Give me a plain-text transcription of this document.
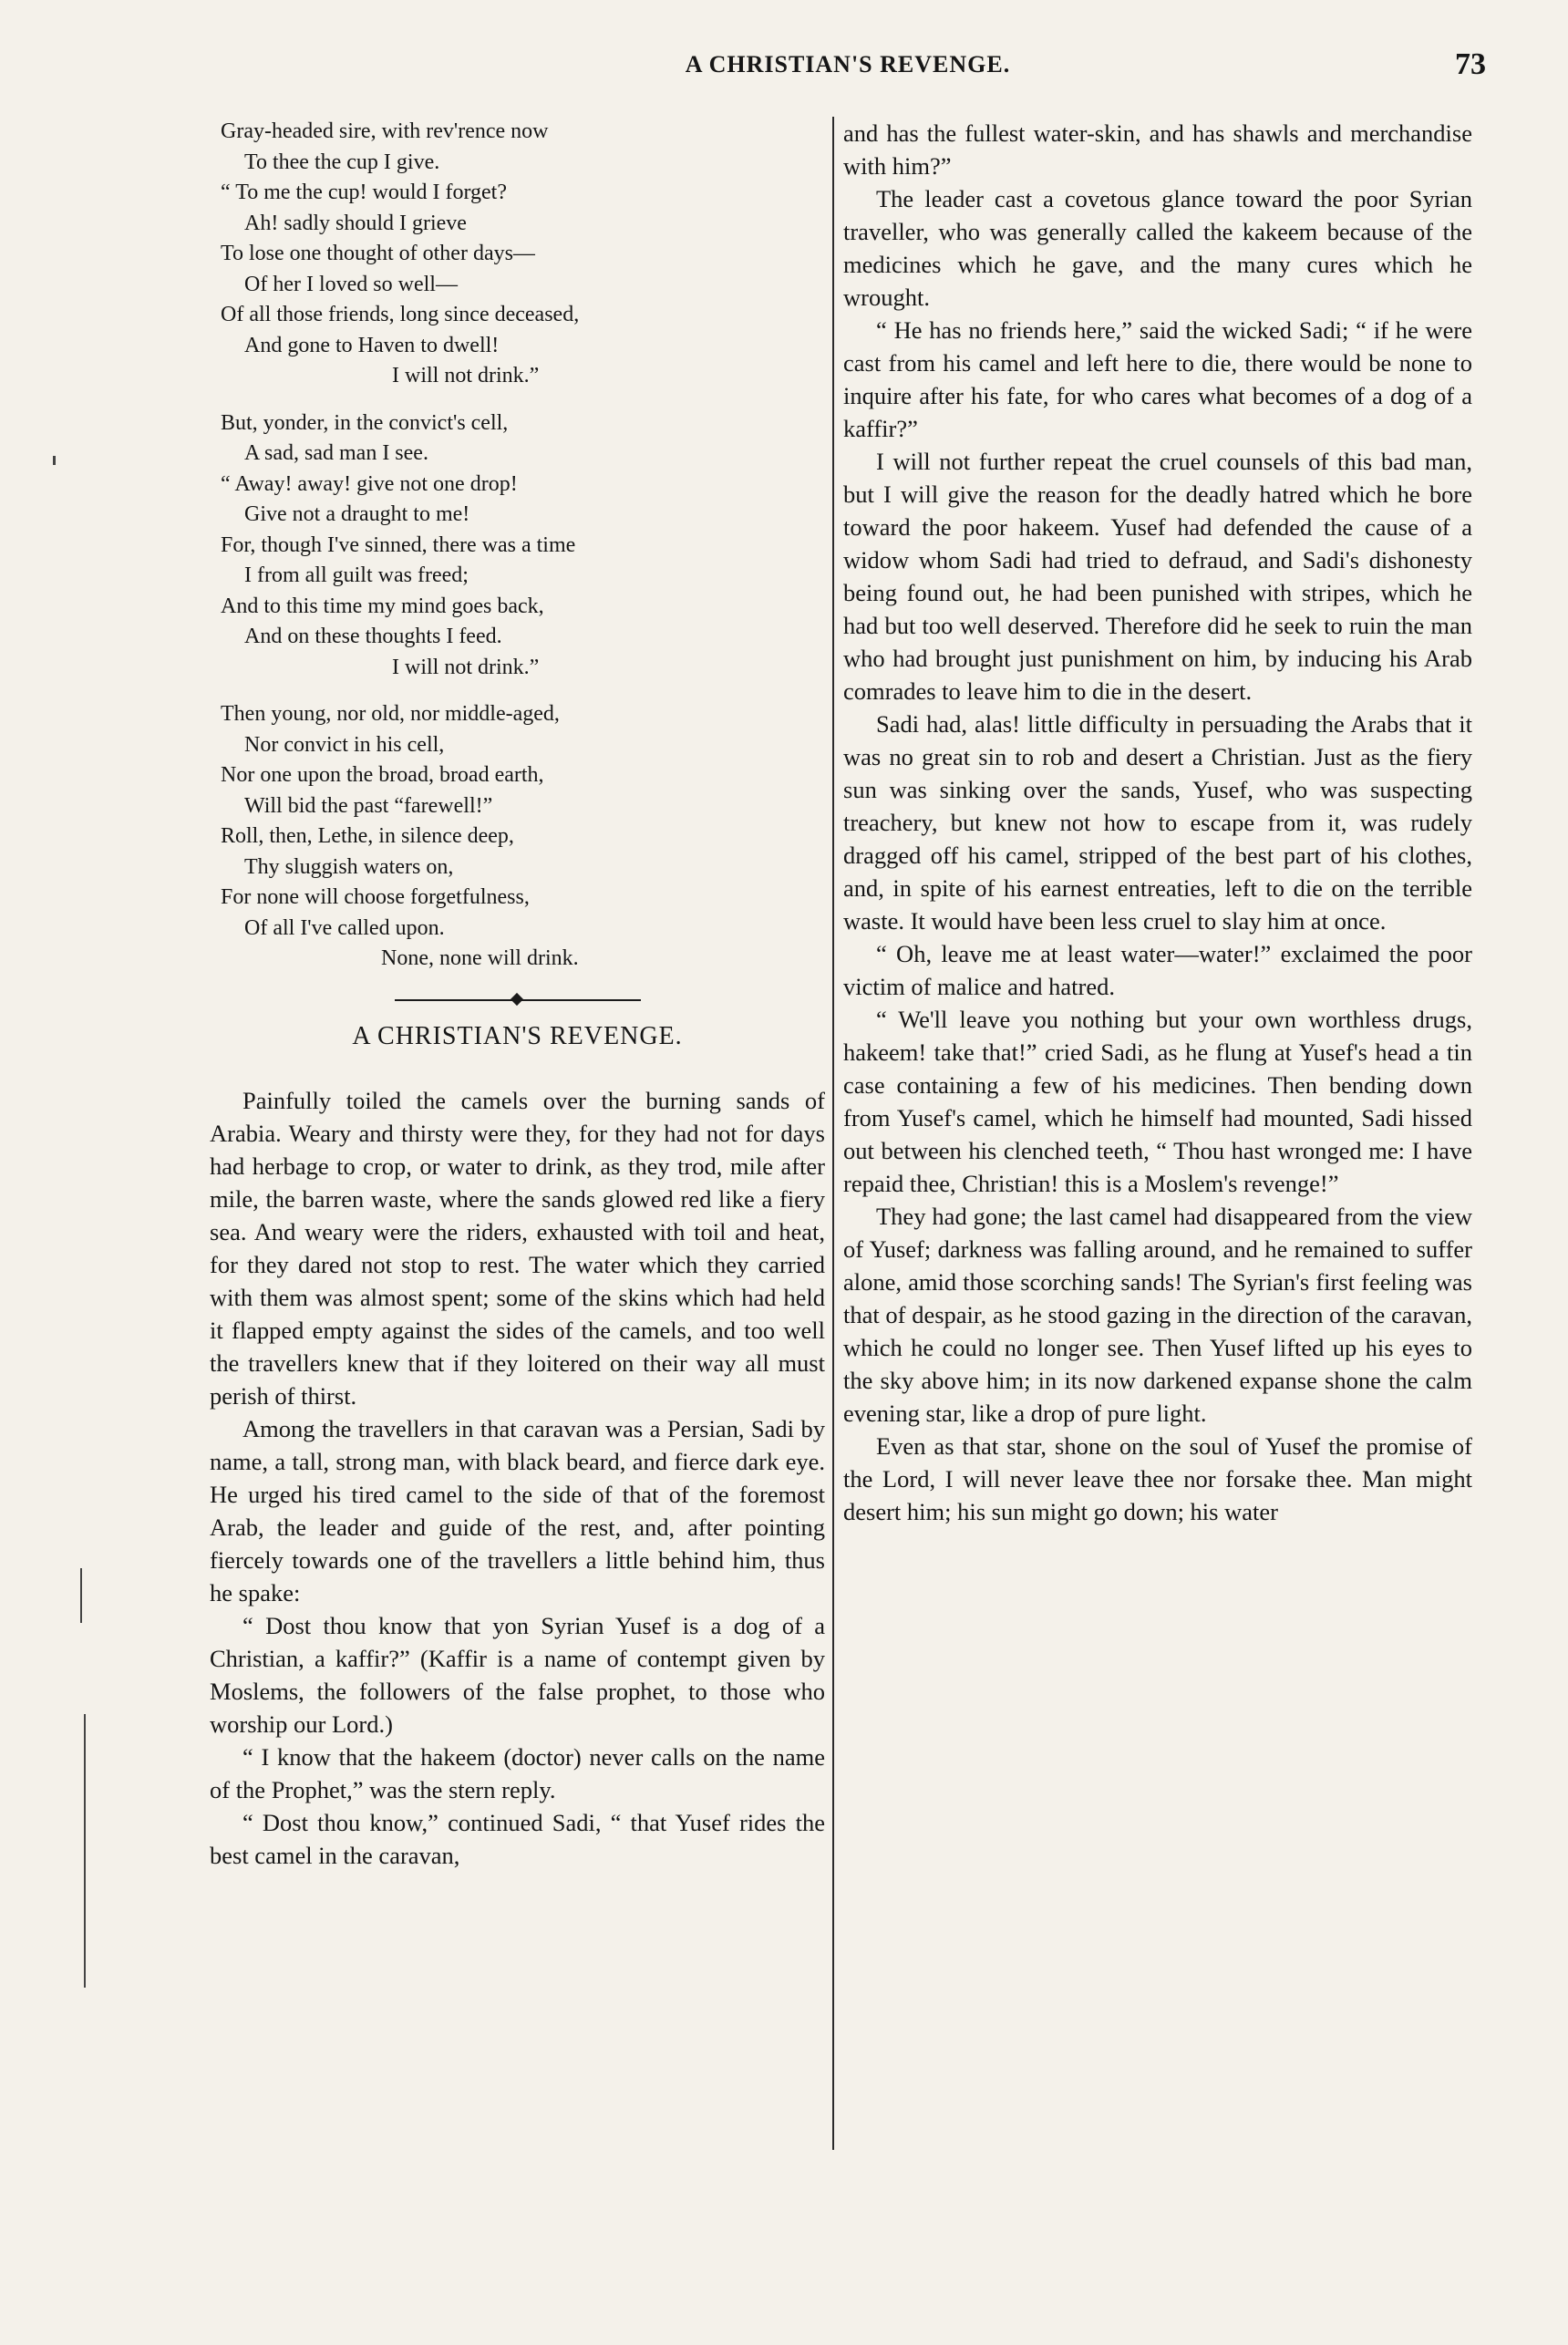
A CHRISTIAN'S REVENGE.	73
Gray-headed sire, with rev'rence now
To thee the cup I give.
“ To me the cup! would I forget?
Ah! sadly should I grieve
To lose one thought of other days—
Of her I loved so well—
Of all those friends, long since deceased,
And gone to Haven to dwell!
I will not drink.”
But, yonder, in the convict's cell,
A sad, sad man I see.
“ Away! away! give not one drop!
Give not a draught to me!
For, though I've sinned, there was a time
I from all guilt was freed;
And to this time my mind goes back,
And on these thoughts I feed.
I will not drink.”
Then young, nor old, nor middle-aged,
Nor convict in his cell,
Nor one upon the broad, broad earth,
Will bid the past “farewell!”
Roll, then, Lethe, in silence deep,
Thy sluggish waters on,
For none will choose forgetfulness,
Of all I've called upon.
None, none will drink.
A CHRISTIAN'S REVENGE.

Painfully toiled the camels over the burning sands of Arabia. Weary and thirsty were they, for they had not for days had herbage to crop, or water to drink, as they trod, mile after mile, the barren waste, where the sands glowed red like a fiery sea. And weary were the riders, exhausted with toil and heat, for they dared not stop to rest. The water which they carried with them was almost spent; some of the skins which had held it flapped empty against the sides of the camels, and too well the travellers knew that if they loitered on their way all must perish of thirst.

Among the travellers in that caravan was a Persian, Sadi by name, a tall, strong man, with black beard, and fierce dark eye. He urged his tired camel to the side of that of the foremost Arab, the leader and guide of the rest, and, after pointing fiercely towards one of the travellers a little behind him, thus he spake:

“ Dost thou know that yon Syrian Yusef is a dog of a Christian, a kaffir?” (Kaffir is a name of contempt given by Moslems, the followers of the false prophet, to those who worship our Lord.)

“ I know that the hakeem (doctor) never calls on the name of the Prophet,” was the stern reply.

“ Dost thou know,” continued Sadi, “ that Yusef rides the best camel in the caravan,

and has the fullest water-skin, and has shawls and merchandise with him?”

The leader cast a covetous glance toward the poor Syrian traveller, who was generally called the kakeem because of the medicines which he gave, and the many cures which he wrought.

“ He has no friends here,” said the wicked Sadi; “ if he were cast from his camel and left here to die, there would be none to inquire after his fate, for who cares what becomes of a dog of a kaffir?”

I will not further repeat the cruel counsels of this bad man, but I will give the reason for the deadly hatred which he bore toward the poor hakeem. Yusef had defended the cause of a widow whom Sadi had tried to defraud, and Sadi's dishonesty being found out, he had been punished with stripes, which he had but too well deserved. Therefore did he seek to ruin the man who had brought just punishment on him, by inducing his Arab comrades to leave him to die in the desert.

Sadi had, alas! little difficulty in persuading the Arabs that it was no great sin to rob and desert a Christian. Just as the fiery sun was sinking over the sands, Yusef, who was suspecting treachery, but knew not how to escape from it, was rudely dragged off his camel, stripped of the best part of his clothes, and, in spite of his earnest entreaties, left to die on the terrible waste. It would have been less cruel to slay him at once.

“ Oh, leave me at least water—water!” exclaimed the poor victim of malice and hatred.

“ We'll leave you nothing but your own worthless drugs, hakeem! take that!” cried Sadi, as he flung at Yusef's head a tin case containing a few of his medicines. Then bending down from Yusef's camel, which he himself had mounted, Sadi hissed out between his clenched teeth, “ Thou hast wronged me: I have repaid thee, Christian! this is a Moslem's revenge!”

They had gone; the last camel had disappeared from the view of Yusef; darkness was falling around, and he remained to suffer alone, amid those scorching sands! The Syrian's first feeling was that of despair, as he stood gazing in the direction of the caravan, which he could no longer see. Then Yusef lifted up his eyes to the sky above him; in its now darkened expanse shone the calm evening star, like a drop of pure light.

Even as that star, shone on the soul of Yusef the promise of the Lord, I will never leave thee nor forsake thee. Man might desert him; his sun might go down; his water
